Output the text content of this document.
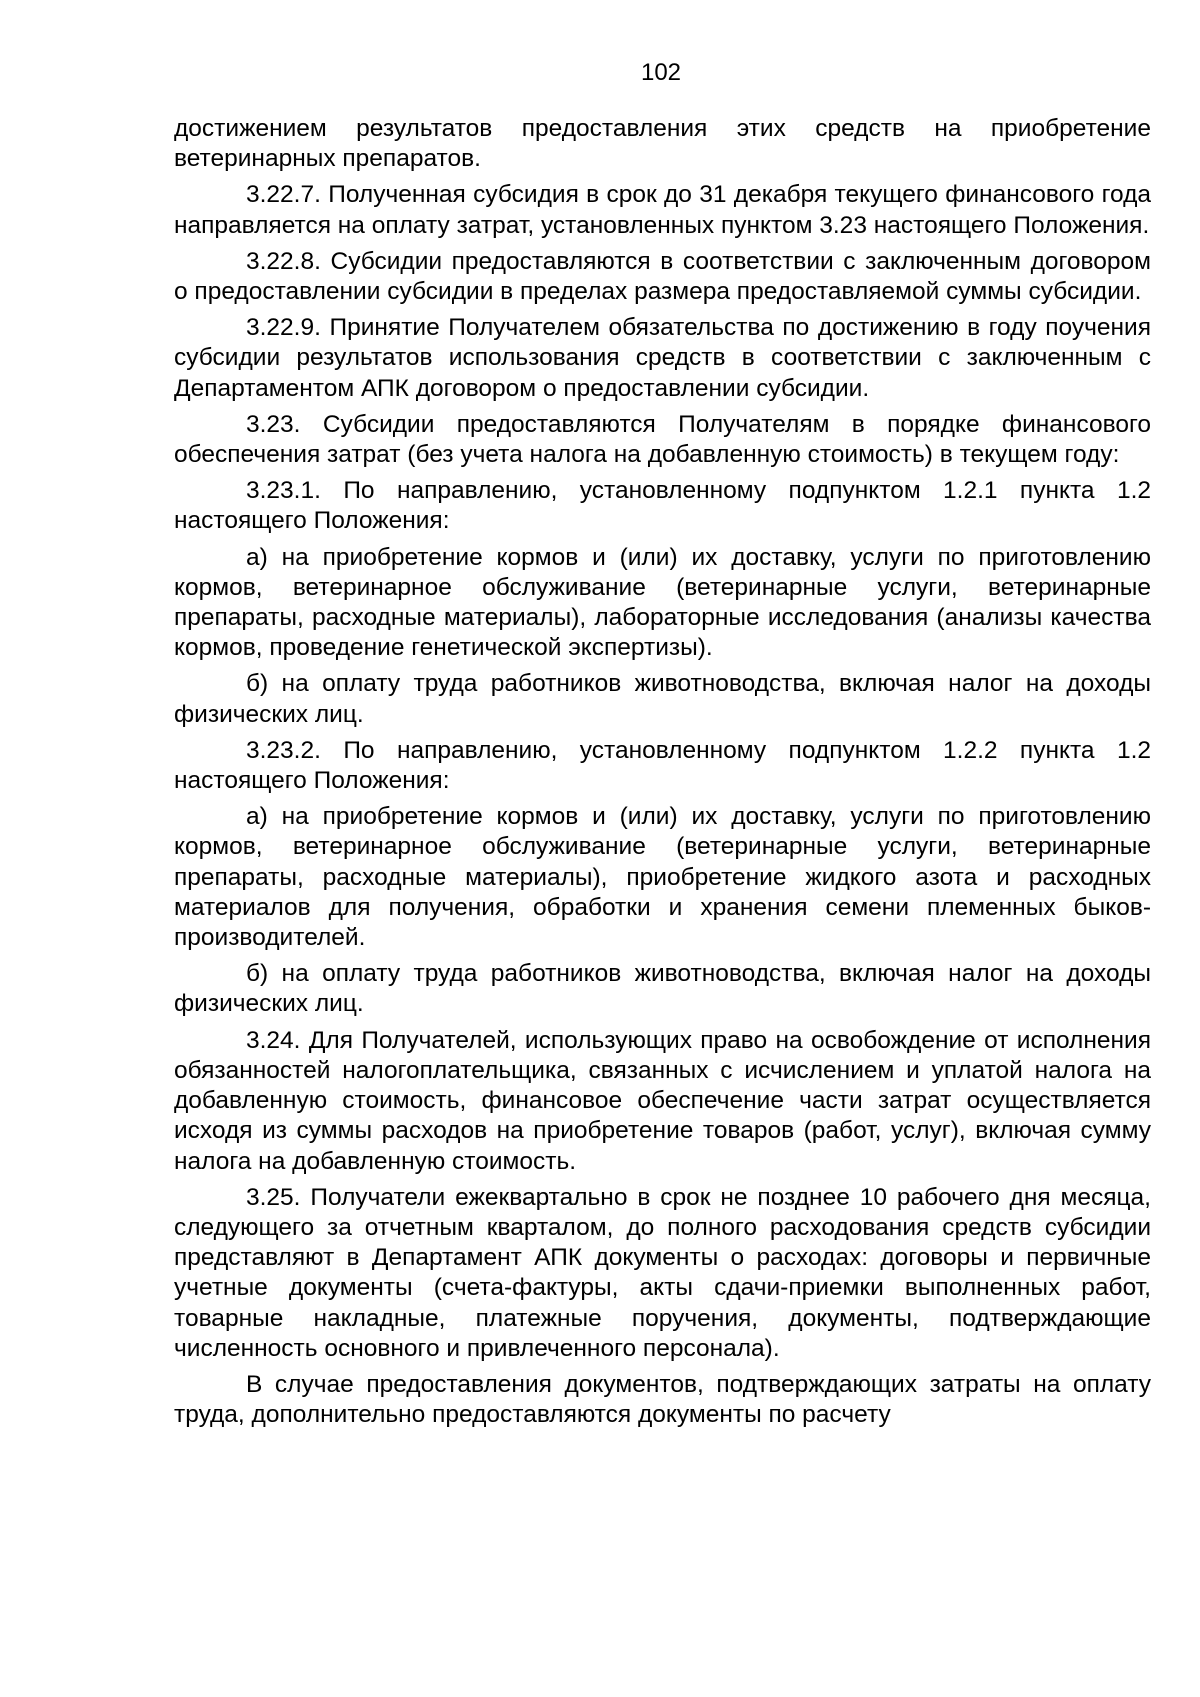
102

достижением результатов предоставления этих средств на приобретение ветеринарных препаратов.

3.22.7. Полученная субсидия в срок до 31 декабря текущего финансового года направляется на оплату затрат, установленных пунктом 3.23 настоящего Положения.

3.22.8. Субсидии предоставляются в соответствии с заключенным договором о предоставлении субсидии в пределах размера предоставляемой суммы субсидии.

3.22.9. Принятие Получателем обязательства по достижению в году поучения субсидии результатов использования средств в соответствии с заключенным с Департаментом АПК договором о предоставлении субсидии.

3.23. Субсидии предоставляются Получателям в порядке финансового обеспечения затрат (без учета налога на добавленную стоимость) в текущем году:

3.23.1. По направлению, установленному подпунктом 1.2.1 пункта 1.2 настоящего Положения:

а) на приобретение кормов и (или) их доставку, услуги по приготовлению кормов, ветеринарное обслуживание (ветеринарные услуги, ветеринарные препараты, расходные материалы), лабораторные исследования (анализы качества кормов, проведение генетической экспертизы).

б) на оплату труда работников животноводства, включая налог на доходы физических лиц.

3.23.2. По направлению, установленному подпунктом 1.2.2 пункта 1.2 настоящего Положения:

а) на приобретение кормов и (или) их доставку, услуги по приготовлению кормов, ветеринарное обслуживание (ветеринарные услуги, ветеринарные препараты, расходные материалы), приобретение жидкого азота и расходных материалов для получения, обработки и хранения семени племенных быков-производителей.

б) на оплату труда работников животноводства, включая налог на доходы физических лиц.

3.24. Для Получателей, использующих право на освобождение от исполнения обязанностей налогоплательщика, связанных с исчислением и уплатой налога на добавленную стоимость, финансовое обеспечение части затрат осуществляется исходя из суммы расходов на приобретение товаров (работ, услуг), включая сумму налога на добавленную стоимость.

3.25. Получатели ежеквартально в срок не позднее 10 рабочего дня месяца, следующего за отчетным кварталом, до полного расходования средств субсидии представляют в Департамент АПК документы о расходах: договоры и первичные учетные документы (счета-фактуры, акты сдачи-приемки выполненных работ, товарные накладные, платежные поручения, документы, подтверждающие численность основного и привлеченного персонала).

В случае предоставления документов, подтверждающих затраты на оплату труда, дополнительно предоставляются документы по расчету
